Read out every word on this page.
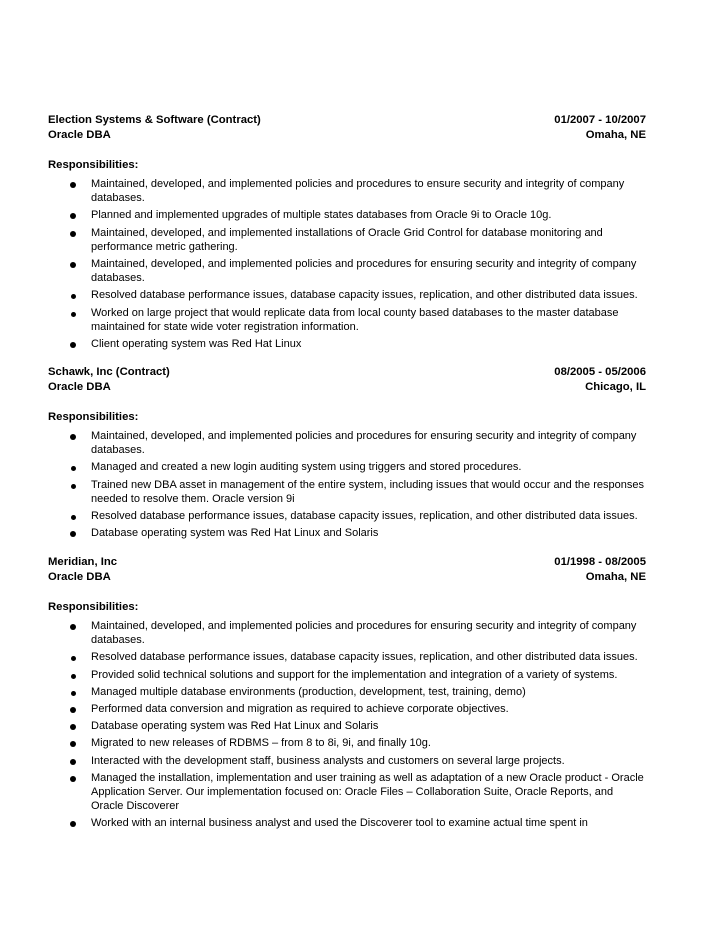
Election Systems & Software (Contract)	01/2007 - 10/2007
Oracle DBA	Omaha, NE
Responsibilities:
Maintained, developed, and implemented policies and procedures to ensure security and integrity of company databases.
Planned and implemented upgrades of multiple states databases from Oracle 9i to Oracle 10g.
Maintained, developed, and implemented installations of Oracle Grid Control for database monitoring and performance metric gathering.
Maintained, developed, and implemented policies and procedures for ensuring security and integrity of company databases.
Resolved database performance issues, database capacity issues, replication, and other distributed data issues.
Worked on large project that would replicate data from local county based databases to the master database maintained for state wide voter registration information.
Client operating system was Red Hat Linux
Schawk, Inc (Contract)	08/2005 - 05/2006
Oracle DBA	Chicago, IL
Responsibilities:
Maintained, developed, and implemented policies and procedures for ensuring security and integrity of company databases.
Managed and created a new login auditing system using triggers and stored procedures.
Trained new DBA asset in management of the entire system, including issues that would occur and the responses needed to resolve them. Oracle version 9i
Resolved database performance issues, database capacity issues, replication, and other distributed data issues.
Database operating system was Red Hat Linux and Solaris
Meridian, Inc	01/1998 - 08/2005
Oracle DBA	Omaha, NE
Responsibilities:
Maintained, developed, and implemented policies and procedures for ensuring security and integrity of company databases.
Resolved database performance issues, database capacity issues, replication, and other distributed data issues.
Provided solid technical solutions and support for the implementation and integration of a variety of systems.
Managed multiple database environments (production, development, test, training, demo)
Performed data conversion and migration as required to achieve corporate objectives.
Database operating system was Red Hat Linux and Solaris
Migrated to new releases of RDBMS – from 8 to 8i, 9i, and finally 10g.
Interacted with the development staff, business analysts and customers on several large projects.
Managed the installation, implementation and user training as well as adaptation of a new Oracle product - Oracle Application Server. Our implementation focused on: Oracle Files – Collaboration Suite, Oracle Reports, and Oracle Discoverer
Worked with an internal business analyst and used the Discoverer tool to examine actual time spent in
